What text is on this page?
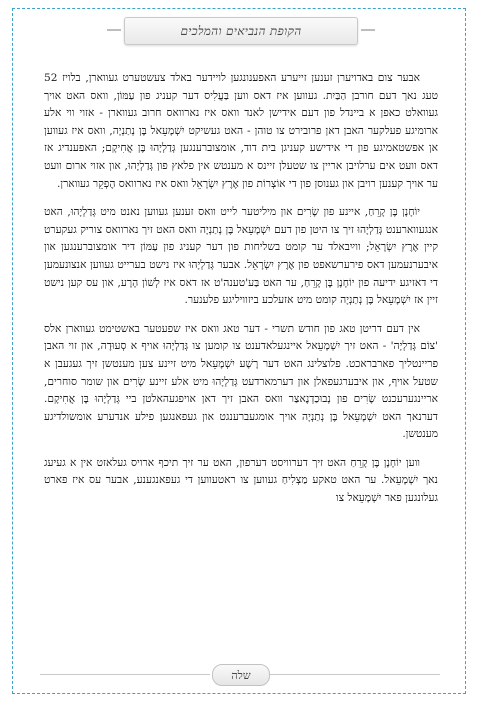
הקופת הנביאים והמלכים

אבער צום באדויערן זענען זייערע האפענונגען לויידער באלד צעשטערט געווארן, בלויז 52 טעג נאך דעם חורבן הַבַּיִת. געווען איז דאס ווען בַּעֲלִיס דער קעניג פון עַמּוֹן, וואס האט אויך געוואלט כאפן א ביינדל פון דעם אידישן לאנד וואס איז נארוואס חרוב געווארן - אזוי ווי אלע ארומיגע פעלקער האבן דאן פרובירט צו טוהן - האט געשיקט יִשְׁמָעֵאל בֶּן נְתַנְיָה, וואס איז געווען אן אפשטאמיגע פון די אידישע קעניגן בית דוד, אומצוברענגען גְּדַלְיָהוּ בֶּן אֲחִיקָם; האפענדיג אז דאס וועט אים ערלויבן אריין צו שטעלן זיינס א מענטש אין פלאץ פון גְּדַלְיָהוּ, און אזוי ארום וועט ער אויך קענען רויבן און גענוסן פון די אוֹצְרוֹת פון אֶרֶץ יִשְׂרָאֵל וואס איז נארוואס הֶפְקֵר געווארן.

יוֹחָנָן בֶּן קָרֵחַ, איינע פון שָׂרִים און מיליטער לייט וואס זענען געווען נאנט מיט גְּדַלְיָהוּ, האט אנגעווארענט גְּדַלְיָהוּ זיך צו היטן פון דעם יִשְׁמָעֵאל בֶּן נְתַנְיָה וואס האט זיך נארוואס צוריק געקערט קיין אֶרֶץ יִשְׂרָאֵל; ווײַבאלד ער קומט בשליחות פון דער קעניג פון עַמּוֹן דיר אומצוברענגען און איבערנעמען דאס פירערשאפט פון אֶרֶץ יִשְׂרָאֵל. אבער גְּדַלְיָהוּ איז נישט בערייט געווען אנצונעמען די דאזיגע ידיעה פון יוֹחָנָן בֶּן קָרֵחַ, ער האט בַּע'טענה'ט אז דאס איז לְשׁוֹן הָרָע, און עס קען נישט זיין אז יִשְׁמָעֵאל בֶּן נְתַנְיָה קומט מיט אזעלכע ביזוויליגע פלענער.

אין דעם דריטן טאג פון חודש תשרי - דער טאג וואס איז שפעטער באשטימט געווארן אלס 'צוֹם גְּדַלְיָה' - האט זיך יִשְׁמָעֵאל איינגעלאדענט צו קומען צו גְּדַלְיָהוּ אויף א סְעוּדָה, און זוי האבן פריינטליך פארבראכט. פלוצלינג האט דער רָשָׁע יִשְׁמָעֵאל מיט זיינע צען מענטשן זיך געגעבן א שטעל אויף, און איבערגעפאלן און דערמארדעט גְּדַלְיָהוּ מיט אלע זיינע שָׂרִים און שומר סוחרים, אריינגערעכנט שָׂרִים פון נְבוּכַדְנֶאצַר וואס האבן זיך דאן אויפגעהאלטן ביי גְּדַלְיָהוּ בֶּן אֲחִיקָם. דערנאך האט יִשְׁמָעֵאל בֶּן נְתַנְיָה אויך אומגעברענגט און געפאנגען פילע אנדערע אומשולדיגע מענטשן.

ווען יוֹחָנָן בֶּן קָרֵחַ האט זיך דערוויסט דערפון, האט ער זיך תיכף ארויס געלאזט אין א געיעג נאך יִשְׁמָעֵאל. ער האט טאקע מַצְלִיחַ געווען צו ראטעווען די געפאנגענע, אבער עס איז פארט געלונגען פאר יִשְׁמָעֵאל צו

שלה
